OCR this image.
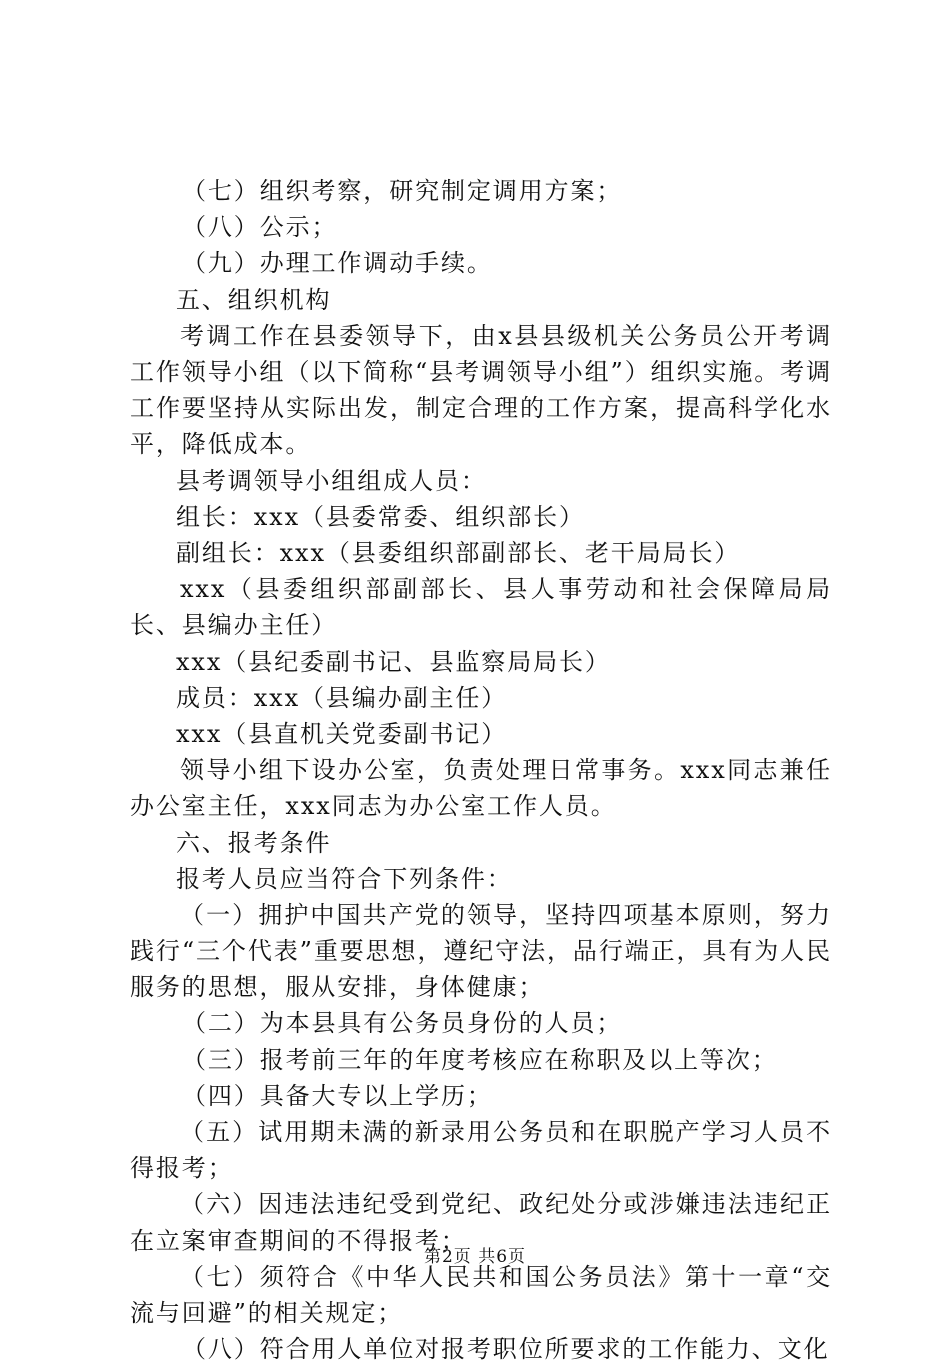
（七）组织考察，研究制定调用方案；
（八）公示；
（九）办理工作调动手续。
五、组织机构
考调工作在县委领导下，由x县县级机关公务员公开考调工作领导小组（以下简称“县考调领导小组”）组织实施。考调工作要坚持从实际出发，制定合理的工作方案，提高科学化水平，降低成本。
县考调领导小组组成人员：
组长：xxx（县委常委、组织部长）
副组长：xxx（县委组织部副部长、老干局局长）
xxx（县委组织部副部长、县人事劳动和社会保障局局长、县编办主任）
xxx（县纪委副书记、县监察局局长）
成员：xxx（县编办副主任）
xxx（县直机关党委副书记）
领导小组下设办公室，负责处理日常事务。xxx同志兼任办公室主任，xxx同志为办公室工作人员。
六、报考条件
报考人员应当符合下列条件：
（一）拥护中国共产党的领导，坚持四项基本原则，努力践行“三个代表”重要思想，遵纪守法，品行端正，具有为人民服务的思想，服从安排，身体健康；
（二）为本县具有公务员身份的人员；
（三）报考前三年的年度考核应在称职及以上等次；
（四）具备大专以上学历；
（五）试用期未满的新录用公务员和在职脱产学习人员不得报考；
（六）因违法违纪受到党纪、政纪处分或涉嫌违法违纪正在立案审查期间的不得报考；
（七）须符合《中华人民共和国公务员法》第十一章“交流与回避”的相关规定；
（八）符合用人单位对报考职位所要求的工作能力、文化
第2页 共6页
